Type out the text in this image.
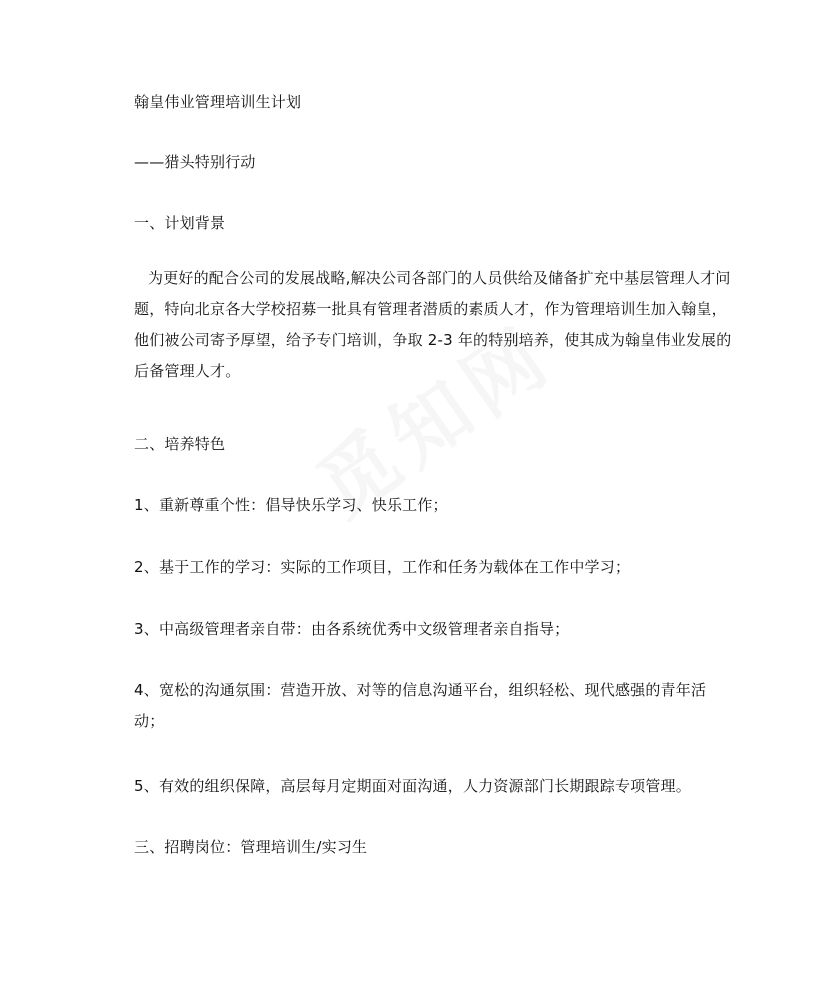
翰皇伟业管理培训生计划
——猎头特别行动
一、计划背景
为更好的配合公司的发展战略,解决公司各部门的人员供给及储备扩充中基层管理人才问题，特向北京各大学校招募一批具有管理者潜质的素质人才，作为管理培训生加入翰皇，他们被公司寄予厚望，给予专门培训，争取 2-3 年的特别培养，使其成为翰皇伟业发展的后备管理人才。
二、培养特色
1、重新尊重个性：倡导快乐学习、快乐工作；
2、基于工作的学习：实际的工作项目，工作和任务为载体在工作中学习；
3、中高级管理者亲自带：由各系统优秀中文级管理者亲自指导；
4、宽松的沟通氛围：营造开放、对等的信息沟通平台，组织轻松、现代感强的青年活动；
5、有效的组织保障，高层每月定期面对面沟通，人力资源部门长期跟踪专项管理。
三、招聘岗位：管理培训生/实习生
